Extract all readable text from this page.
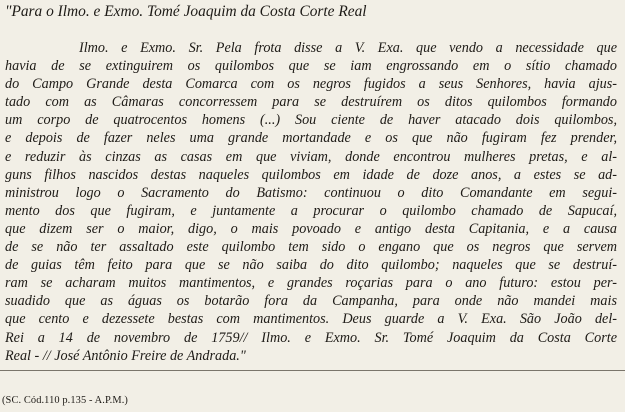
"Para o Ilmo. e Exmo. Tomé Joaquim da Costa Corte Real
Ilmo. e Exmo. Sr. Pela frota disse a V. Exa. que vendo a necessidade que
havia de se extinguirem os quilombos que se iam engrossando em o sítio chamado
do Campo Grande desta Comarca com os negros fugidos a seus Senhores, havia ajus-
tado com as Câmaras concorressem para se destruírem os ditos quilombos formando
um corpo de quatrocentos homens (...) Sou ciente de haver atacado dois quilombos,
e depois de fazer neles uma grande mortandade e os que não fugiram fez prender,
e reduzir às cinzas as casas em que viviam, donde encontrou mulheres pretas, e al-
guns filhos nascidos destas naqueles quilombos em idade de doze anos, a estes se ad-
ministrou logo o Sacramento do Batismo: continuou o dito Comandante em segui-
mento dos que fugiram, e juntamente a procurar o quilombo chamado de Sapucaí,
que dizem ser o maior, digo, o mais povoado e antigo desta Capitania, e a causa
de se não ter assaltado este quilombo tem sido o engano que os negros que servem
de guias têm feito para que se não saiba do dito quilombo; naqueles que se destruí-
ram se acharam muitos mantimentos, e grandes roçarias para o ano futuro: estou per-
suadido que as águas os botarão fora da Campanha, para onde não mandei mais
que cento e dezessete bestas com mantimentos. Deus guarde a V. Exa. São João del-
Rei a 14 de novembro de 1759// Ilmo. e Exmo. Sr. Tomé Joaquim da Costa Corte
Real - // José Antônio Freire de Andrada."
(SC. Cód.110 p.135 - A.P.M.)
